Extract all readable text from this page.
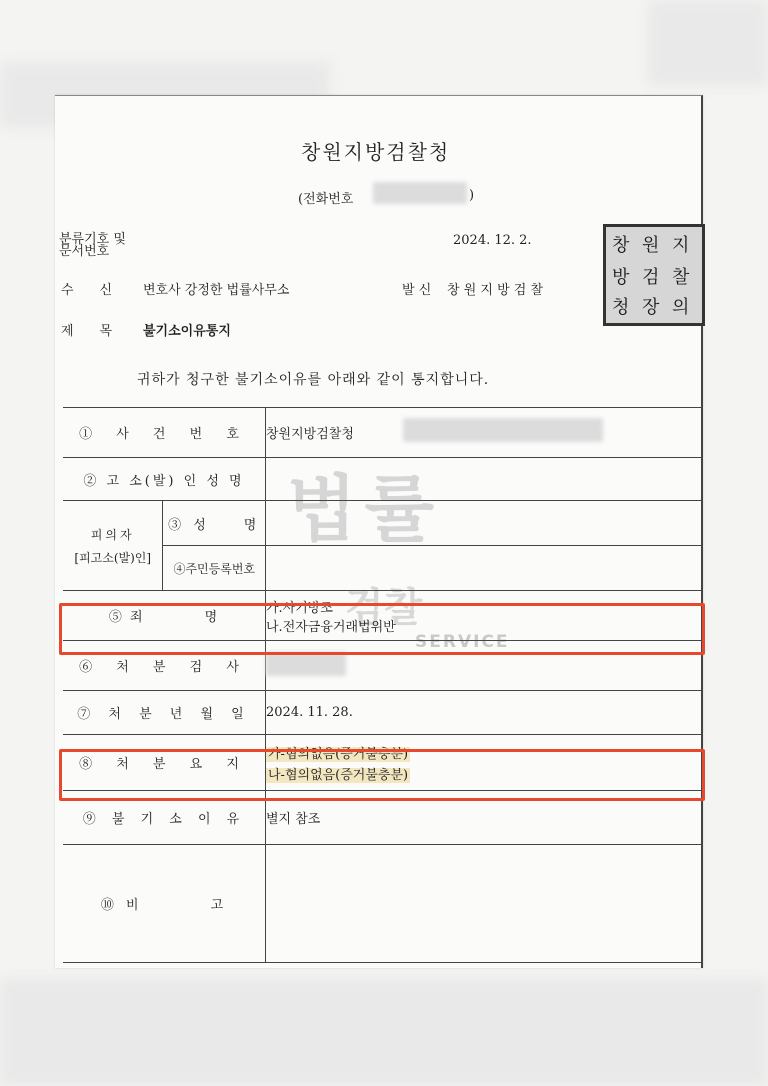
창원지방검찰청
(전화번호	)
분류기호 및
문서번호
2024. 12. 2.
수　　신 변호사 강정한 법률사무소	발 신 창 원 지 방 검 찰
제　　목 불기소이유통지
창 원 지
방 검 찰
청 장 의
귀하가 청구한 불기소이유를 아래와 같이 통지합니다.
법률
검찰
SERVICE
① 사 건 번 호		창원지방검찰청

② 고 소(발) 인 성 명		

피의자
[피고소(발)인]	③ 성　　명	
	④주민등록번호	
⑤ 죄　　　　명		가.사기방조
나.전자금융거래법위반

⑥ 처 분 검 사		
⑦ 처 분 년 월 일		2024. 11. 28.
⑧ 처 분 요 지		가-혐의없음(증거불충분)
나-혐의없음(증거불충분)

⑨ 불 기 소 이 유		별지 참조
⑩ 비　　　　고		
